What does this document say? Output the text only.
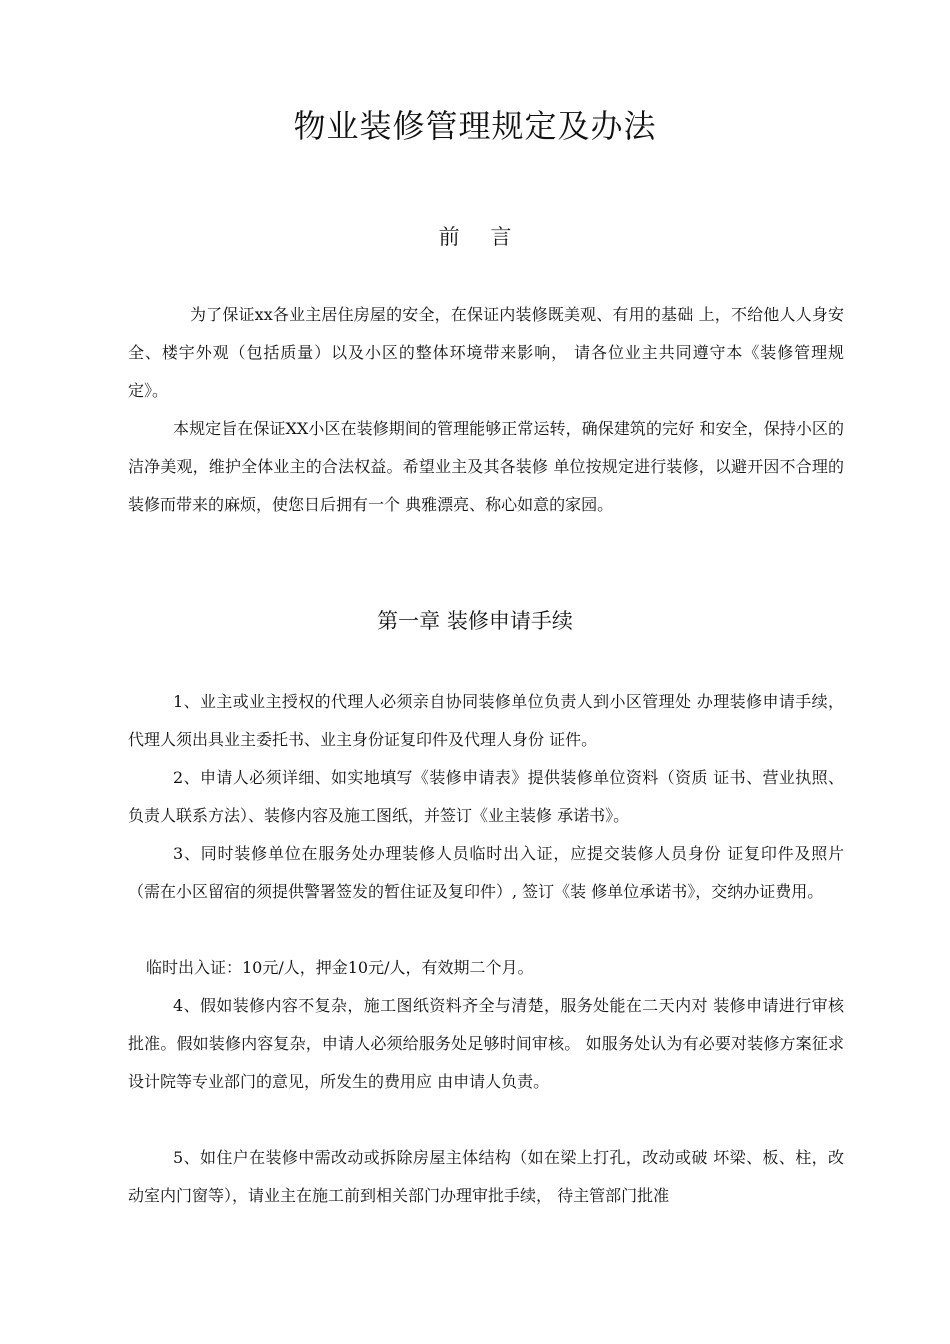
物业装修管理规定及办法
前 言

为了保证xx各业主居住房屋的安全，在保证内装修既美观、有用的基础 上，不给他人人身安全、楼宇外观（包括质量）以及小区的整体环境带来影响， 请各位业主共同遵守本《装修管理规定》。

本规定旨在保证XX小区在装修期间的管理能够正常运转，确保建筑的完好 和安全，保持小区的洁净美观，维护全体业主的合法权益。希望业主及其各装修 单位按规定进行装修，以避开因不合理的装修而带来的麻烦，使您日后拥有一个 典雅漂亮、称心如意的家园。

第一章 装修申请手续

1、业主或业主授权的代理人必须亲自协同装修单位负责人到小区管理处 办理装修申请手续，代理人须出具业主委托书、业主身份证复印件及代理人身份 证件。

2、申请人必须详细、如实地填写《装修申请表》提供装修单位资料（资质 证书、营业执照、负责人联系方法）、装修内容及施工图纸，并签订《业主装修 承诺书》。

3、同时装修单位在服务处办理装修人员临时出入证，应提交装修人员身份 证复印件及照片（需在小区留宿的须提供警署签发的暂住证及复印件）, 签订《装 修单位承诺书》，交纳办证费用。

临时出入证：10元/人，押金10元/人，有效期二个月。

4、假如装修内容不复杂，施工图纸资料齐全与清楚，服务处能在二天内对 装修申请进行审核批准。假如装修内容复杂，申请人必须给服务处足够时间审核。 如服务处认为有必要对装修方案征求设计院等专业部门的意见，所发生的费用应 由申请人负责。

5、如住户在装修中需改动或拆除房屋主体结构（如在梁上打孔，改动或破 坏梁、板、柱，改动室内门窗等），请业主在施工前到相关部门办理审批手续， 待主管部门批准
